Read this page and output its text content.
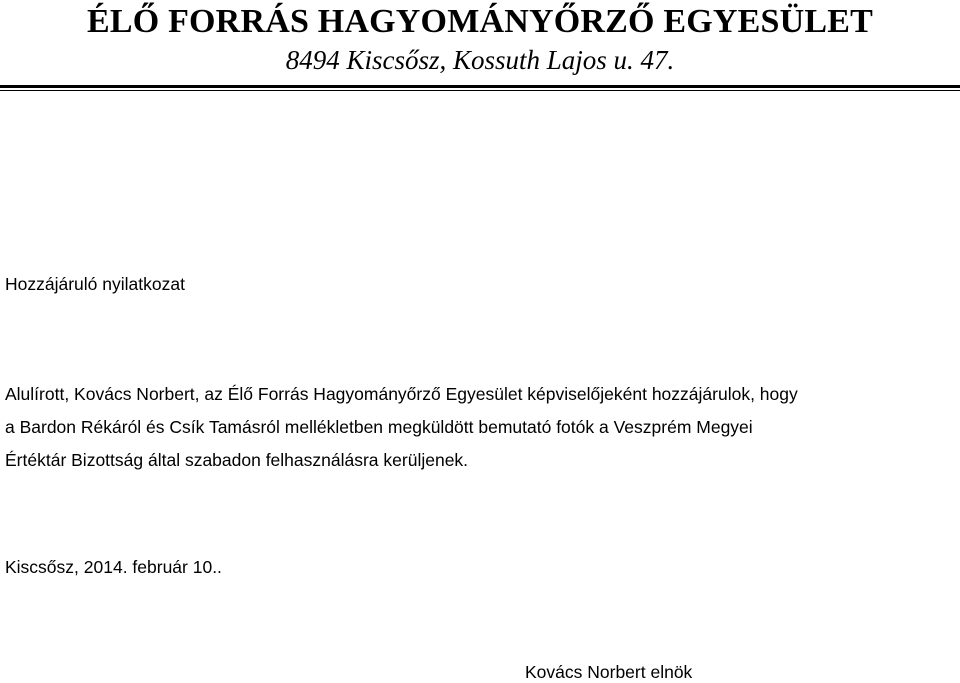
ÉLŐ FORRÁS HAGYOMÁNYŐRZŐ EGYESÜLET
8494 Kiscsősz, Kossuth Lajos u. 47.
Hozzájáruló nyilatkozat
Alulírott, Kovács Norbert, az Élő Forrás Hagyományőrző Egyesület képviselőjeként hozzájárulok, hogy
a Bardon Rékáról és Csík Tamásról mellékletben megküldött bemutató fotók a Veszprém Megyei
Értéktár Bizottság által szabadon felhasználásra kerüljenek.
Kiscsősz, 2014. február 10..
Kovács Norbert elnök
